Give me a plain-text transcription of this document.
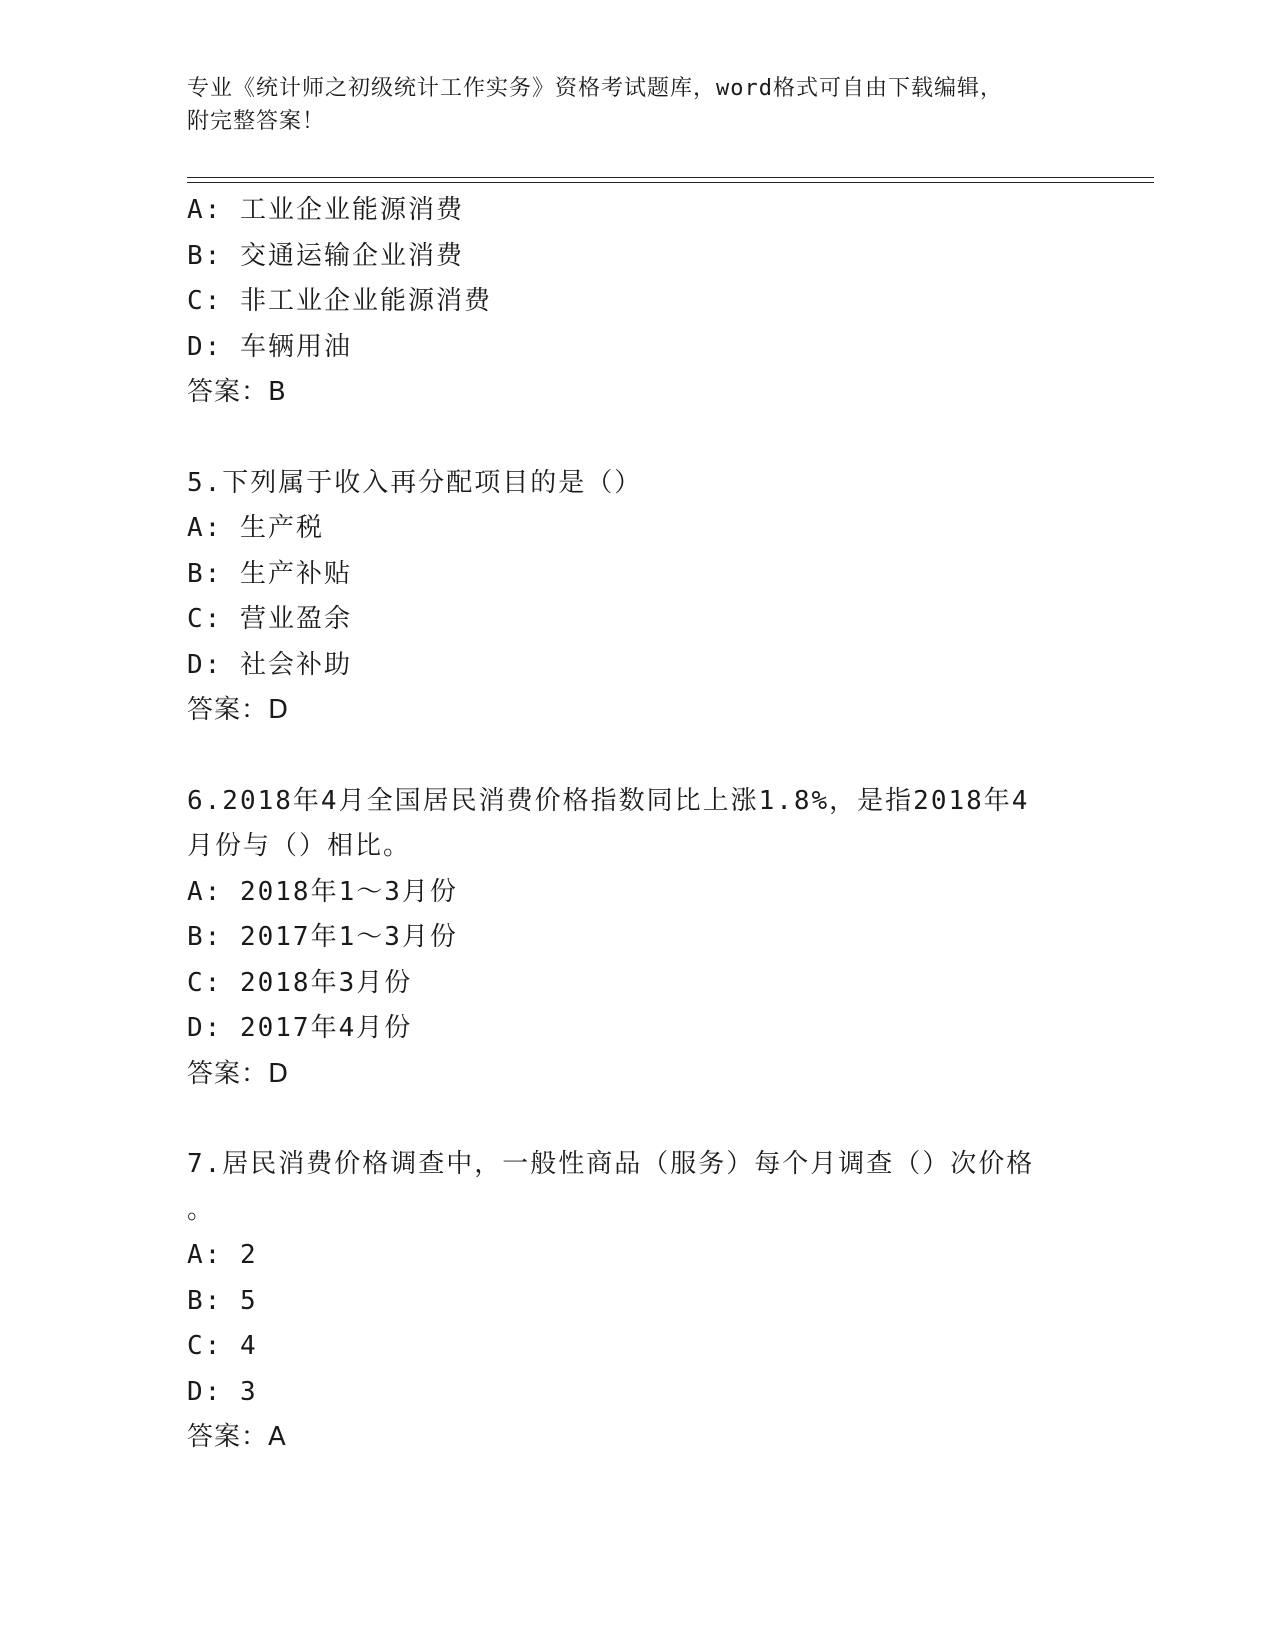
专业《统计师之初级统计工作实务》资格考试题库，word格式可自由下载编辑，
附完整答案！
A: 工业企业能源消费
B: 交通运输企业消费
C: 非工业企业能源消费
D: 车辆用油
答案：B
5.下列属于收入再分配项目的是（）
A: 生产税
B: 生产补贴
C: 营业盈余
D: 社会补助
答案：D
6.2018年4月全国居民消费价格指数同比上涨1.8%，是指2018年4
月份与（）相比。
A: 2018年1～3月份
B: 2017年1～3月份
C: 2018年3月份
D: 2017年4月份
答案：D
7.居民消费价格调查中，一般性商品（服务）每个月调查（）次价格
。
A: 2
B: 5
C: 4
D: 3
答案：A
